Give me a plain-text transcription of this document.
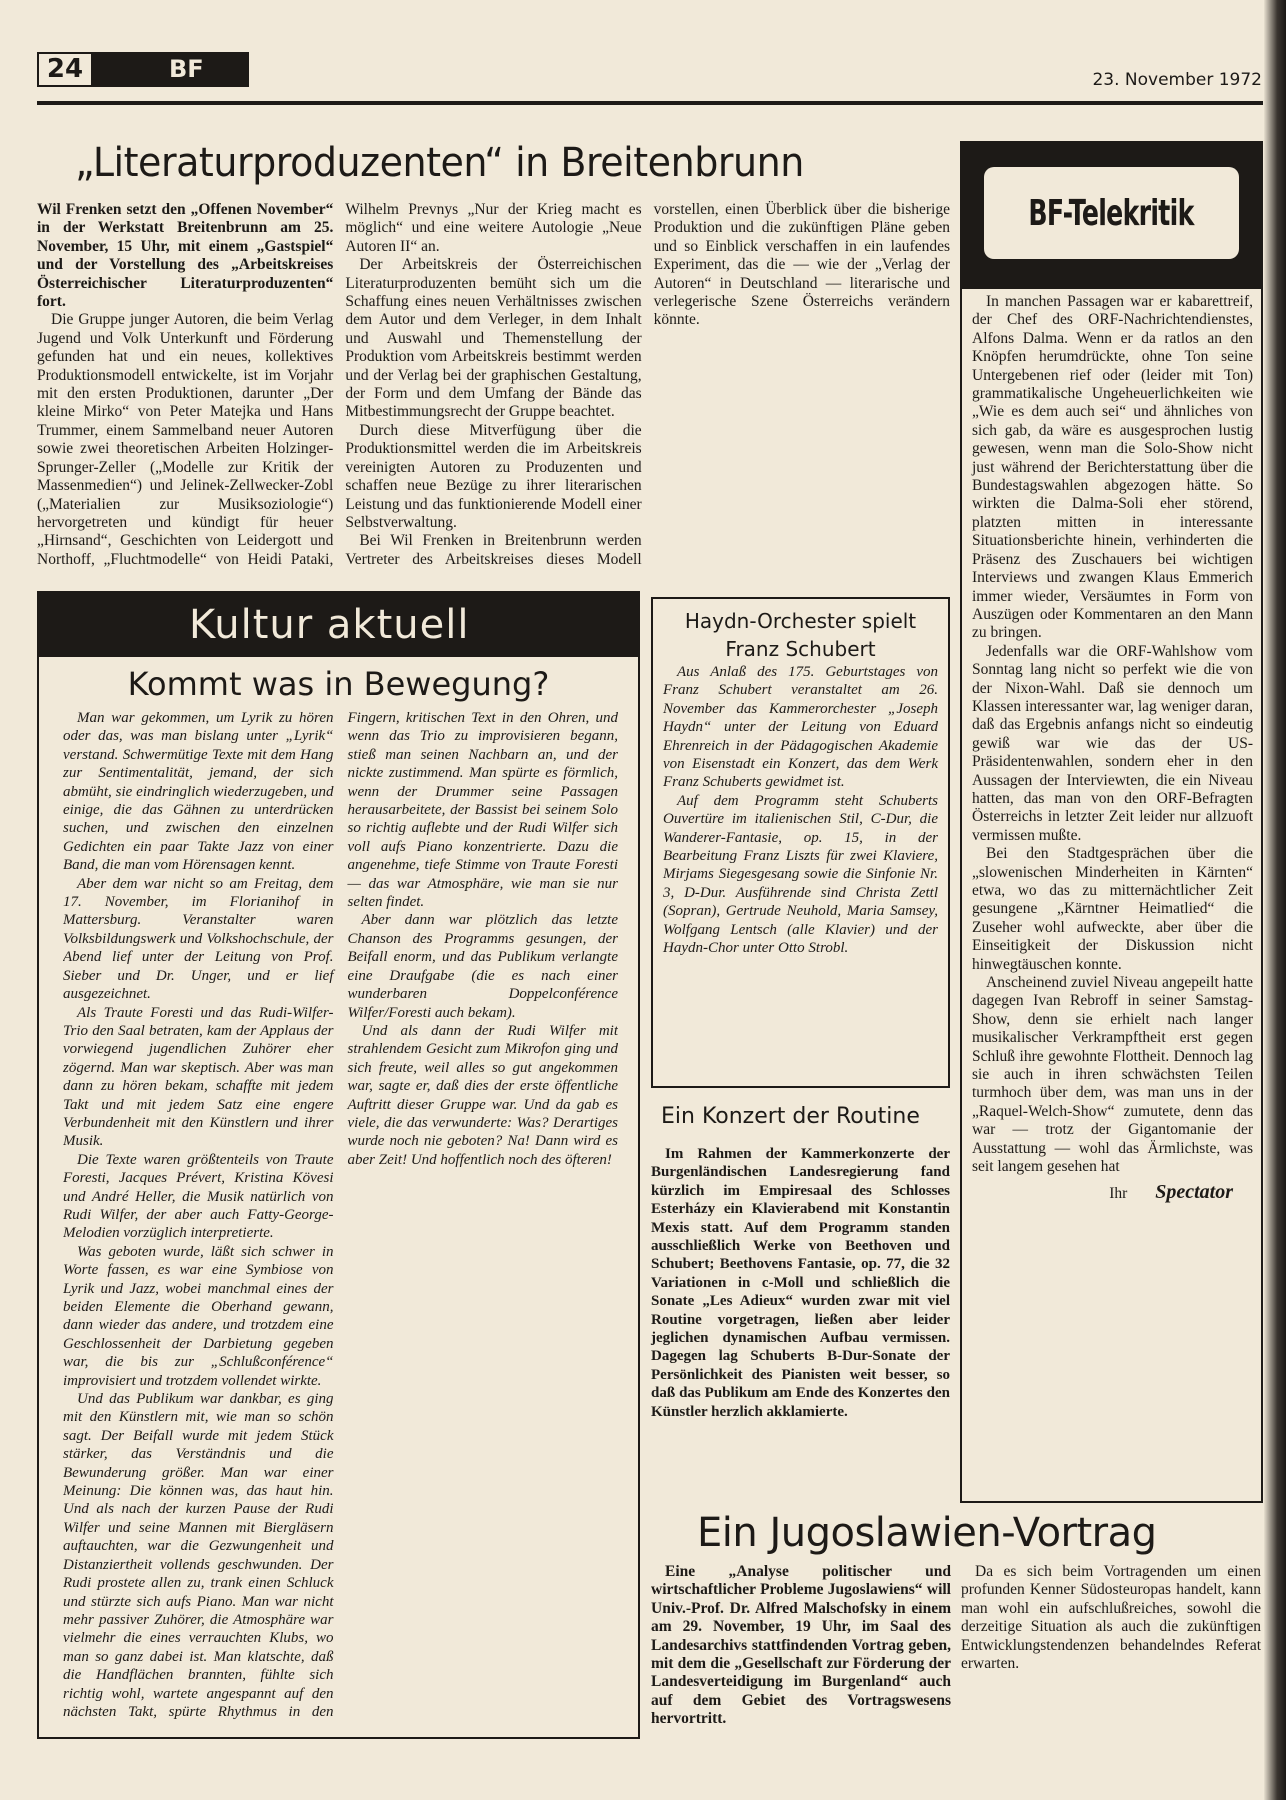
24	BF	23. November 1972
„Literaturproduzenten“ in Breitenbrunn

Wil Frenken setzt den „Offenen November“ in der Werkstatt Breitenbrunn am 25. November, 15 Uhr, mit einem „Gastspiel“ und der Vorstellung des „Arbeitskreises Österreichischer Literaturproduzenten“ fort.

Die Gruppe junger Autoren, die beim Verlag Jugend und Volk Unterkunft und Förderung gefunden hat und ein neues, kollektives Produktionsmodell entwickelte, ist im Vorjahr mit den ersten Produktionen, darunter „Der kleine Mirko“ von Peter Matejka und Hans Trummer, einem Sammelband neuer Autoren sowie zwei theoretischen Arbeiten Holzinger-Sprunger-Zeller („Modelle zur Kritik der Massenmedien“) und Jelinek-Zellwecker-Zobl („Materialien zur Musiksoziologie“) hervorgetreten und kündigt für heuer „Hirnsand“, Geschichten von Leidergott und Northoff, „Fluchtmodelle“ von Heidi Pataki, Wilhelm Prevnys „Nur der Krieg macht es möglich“ und eine weitere Autologie „Neue Autoren II“ an.

Der Arbeitskreis der Österreichischen Literaturproduzenten bemüht sich um die Schaffung eines neuen Verhältnisses zwischen dem Autor und dem Verleger, in dem Inhalt und Auswahl und Themenstellung der Produktion vom Arbeitskreis bestimmt werden und der Verlag bei der graphischen Gestaltung, der Form und dem Umfang der Bände das Mitbestimmungsrecht der Gruppe beachtet.

Durch diese Mitverfügung über die Produktionsmittel werden die im Arbeitskreis vereinigten Autoren zu Produzenten und schaffen neue Bezüge zu ihrer literarischen Leistung und das funktionierende Modell einer Selbstverwaltung.

Bei Wil Frenken in Breitenbrunn werden Vertreter des Arbeitskreises dieses Modell vorstellen, einen Überblick über die bisherige Produktion und die zukünftigen Pläne geben und so Einblick verschaffen in ein laufendes Experiment, das die — wie der „Verlag der Autoren“ in Deutschland — literarische und verlegerische Szene Österreichs verändern könnte.

BF-Telekritik

In manchen Passagen war er kabarettreif, der Chef des ORF-Nachrichtendienstes, Alfons Dalma. Wenn er da ratlos an den Knöpfen herumdrückte, ohne Ton seine Untergebenen rief oder (leider mit Ton) grammatikalische Ungeheuerlichkeiten wie „Wie es dem auch sei“ und ähnliches von sich gab, da wäre es ausgesprochen lustig gewesen, wenn man die Solo-Show nicht just während der Berichterstattung über die Bundestagswahlen abgezogen hätte. So wirkten die Dalma-Soli eher störend, platzten mitten in interessante Situationsberichte hinein, verhinderten die Präsenz des Zuschauers bei wichtigen Interviews und zwangen Klaus Emmerich immer wieder, Versäumtes in Form von Auszügen oder Kommentaren an den Mann zu bringen.

Jedenfalls war die ORF-Wahlshow vom Sonntag lang nicht so perfekt wie die von der Nixon-Wahl. Daß sie dennoch um Klassen interessanter war, lag weniger daran, daß das Ergebnis anfangs nicht so eindeutig gewiß war wie das der US-Präsidentenwahlen, sondern eher in den Aussagen der Interviewten, die ein Niveau hatten, das man von den ORF-Befragten Österreichs in letzter Zeit leider nur allzuoft vermissen mußte.

Bei den Stadtgesprächen über die „slowenischen Minderheiten in Kärnten“ etwa, wo das zu mitternächtlicher Zeit gesungene „Kärntner Heimatlied“ die Zuseher wohl aufweckte, aber über die Einseitigkeit der Diskussion nicht hinwegtäuschen konnte.

Anscheinend zuviel Niveau angepeilt hatte dagegen Ivan Rebroff in seiner Samstag-Show, denn sie erhielt nach langer musikalischer Verkrampftheit erst gegen Schluß ihre gewohnte Flottheit. Dennoch lag sie auch in ihren schwächsten Teilen turmhoch über dem, was man uns in der „Raquel-Welch-Show“ zumutete, denn das war — trotz der Gigantomanie der Ausstattung — wohl das Ärmlichste, was seit langem gesehen hat

Ihr Spectator
Kultur aktuell
Kommt was in Bewegung?

Man war gekommen, um Lyrik zu hören oder das, was man bislang unter „Lyrik“ verstand. Schwermütige Texte mit dem Hang zur Sentimentalität, jemand, der sich abmüht, sie eindringlich wiederzugeben, und einige, die das Gähnen zu unterdrücken suchen, und zwischen den einzelnen Gedichten ein paar Takte Jazz von einer Band, die man vom Hörensagen kennt.

Aber dem war nicht so am Freitag, dem 17. November, im Florianihof in Mattersburg. Veranstalter waren Volksbildungswerk und Volkshochschule, der Abend lief unter der Leitung von Prof. Sieber und Dr. Unger, und er lief ausgezeichnet.

Als Traute Foresti und das Rudi-Wilfer-Trio den Saal betraten, kam der Applaus der vorwiegend jugendlichen Zuhörer eher zögernd. Man war skeptisch. Aber was man dann zu hören bekam, schaffte mit jedem Takt und mit jedem Satz eine engere Verbundenheit mit den Künstlern und ihrer Musik.

Die Texte waren größtenteils von Traute Foresti, Jacques Prévert, Kristina Kövesi und André Heller, die Musik natürlich von Rudi Wilfer, der aber auch Fatty-George-Melodien vorzüglich interpretierte.

Was geboten wurde, läßt sich schwer in Worte fassen, es war eine Symbiose von Lyrik und Jazz, wobei manchmal eines der beiden Elemente die Oberhand gewann, dann wieder das andere, und trotzdem eine Geschlossenheit der Darbietung gegeben war, die bis zur „Schlußconférence“ improvisiert und trotzdem vollendet wirkte.

Und das Publikum war dankbar, es ging mit den Künstlern mit, wie man so schön sagt. Der Beifall wurde mit jedem Stück stärker, das Verständnis und die Bewunderung größer. Man war einer Meinung: Die können was, das haut hin. Und als nach der kurzen Pause der Rudi Wilfer und seine Mannen mit Biergläsern auftauchten, war die Gezwungenheit und Distanziertheit vollends geschwunden. Der Rudi prostete allen zu, trank einen Schluck und stürzte sich aufs Piano. Man war nicht mehr passiver Zuhörer, die Atmosphäre war vielmehr die eines verrauchten Klubs, wo man so ganz dabei ist. Man klatschte, daß die Handflächen brannten, fühlte sich richtig wohl, wartete angespannt auf den nächsten Takt, spürte Rhythmus in den Fingern, kritischen Text in den Ohren, und wenn das Trio zu improvisieren begann, stieß man seinen Nachbarn an, und der nickte zustimmend. Man spürte es förmlich, wenn der Drummer seine Passagen herausarbeitete, der Bassist bei seinem Solo so richtig auflebte und der Rudi Wilfer sich voll aufs Piano konzentrierte. Dazu die angenehme, tiefe Stimme von Traute Foresti — das war Atmosphäre, wie man sie nur selten findet.

Aber dann war plötzlich das letzte Chanson des Programms gesungen, der Beifall enorm, und das Publikum verlangte eine Draufgabe (die es nach einer wunderbaren Doppelconférence Wilfer/Foresti auch bekam).

Und als dann der Rudi Wilfer mit strahlendem Gesicht zum Mikrofon ging und sich freute, weil alles so gut angekommen war, sagte er, daß dies der erste öffentliche Auftritt dieser Gruppe war. Und da gab es viele, die das verwunderte: Was? Derartiges wurde noch nie geboten? Na! Dann wird es aber Zeit! Und hoffentlich noch des öfteren!

Haydn-Orchester spielt
Franz Schubert

Aus Anlaß des 175. Geburtstages von Franz Schubert veranstaltet am 26. November das Kammerorchester „Joseph Haydn“ unter der Leitung von Eduard Ehrenreich in der Pädagogischen Akademie von Eisenstadt ein Konzert, das dem Werk Franz Schuberts gewidmet ist.

Auf dem Programm steht Schuberts Ouvertüre im italienischen Stil, C-Dur, die Wanderer-Fantasie, op. 15, in der Bearbeitung Franz Liszts für zwei Klaviere, Mirjams Siegesgesang sowie die Sinfonie Nr. 3, D-Dur. Ausführende sind Christa Zettl (Sopran), Gertrude Neuhold, Maria Samsey, Wolfgang Lentsch (alle Klavier) und der Haydn-Chor unter Otto Strobl.

Ein Konzert der Routine

Im Rahmen der Kammerkonzerte der Burgenländischen Landesregierung fand kürzlich im Empiresaal des Schlosses Esterházy ein Klavierabend mit Konstantin Mexis statt. Auf dem Programm standen ausschließlich Werke von Beethoven und Schubert; Beethovens Fantasie, op. 77, die 32 Variationen in c-Moll und schließlich die Sonate „Les Adieux“ wurden zwar mit viel Routine vorgetragen, ließen aber leider jeglichen dynamischen Aufbau vermissen. Dagegen lag Schuberts B-Dur-Sonate der Persönlichkeit des Pianisten weit besser, so daß das Publikum am Ende des Konzertes den Künstler herzlich akklamierte.

Ein Jugoslawien-Vortrag

Eine „Analyse politischer und wirtschaftlicher Probleme Jugoslawiens“ will Univ.-Prof. Dr. Alfred Malschofsky in einem am 29. November, 19 Uhr, im Saal des Landesarchivs stattfindenden Vortrag geben, mit dem die „Gesellschaft zur Förderung der Landesverteidigung im Burgenland“ auch auf dem Gebiet des Vortragswesens hervortritt.

Da es sich beim Vortragenden um einen profunden Kenner Südosteuropas handelt, kann man wohl ein aufschlußreiches, sowohl die derzeitige Situation als auch die zukünftigen Entwicklungstendenzen behandelndes Referat erwarten.
